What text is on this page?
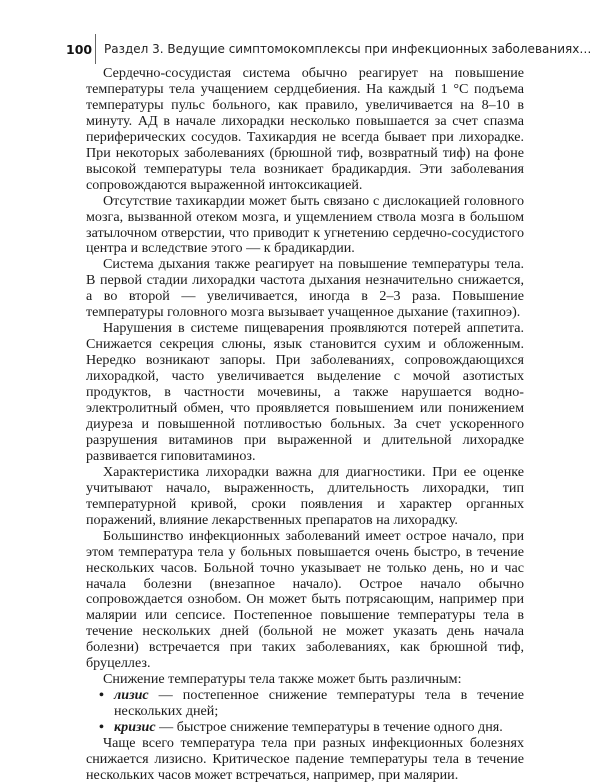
100 Раздел 3. Ведущие симптомокомплексы при инфекционных заболеваниях…

Сердечно-сосудистая система обычно реагирует на повышение температуры тела учащением сердцебиения. На каждый 1 °С подъема температуры пульс больного, как правило, увеличивается на 8–10 в минуту. АД в начале лихорадки несколько повышается за счет спазма периферических сосудов. Тахикардия не всегда бывает при лихорадке. При некоторых заболеваниях (брюшной тиф, возвратный тиф) на фоне высокой температуры тела возникает брадикардия. Эти заболевания сопровождаются выраженной интоксикацией.

Отсутствие тахикардии может быть связано с дислокацией головного мозга, вызванной отеком мозга, и ущемлением ствола мозга в большом затылочном отверстии, что приводит к угнетению сердечно-сосудистого центра и вследствие этого — к брадикардии.

Система дыхания также реагирует на повышение температуры тела. В первой стадии лихорадки частота дыхания незначительно снижается, а во второй — увеличивается, иногда в 2–3 раза. Повышение температуры головного мозга вызывает учащенное дыхание (тахипноэ).

Нарушения в системе пищеварения проявляются потерей аппетита. Снижается секреция слюны, язык становится сухим и обложенным. Нередко возникают запоры. При заболеваниях, сопровождающихся лихорадкой, часто увеличивается выделение с мочой азотистых продуктов, в частности мочевины, а также нарушается водно-электролитный обмен, что проявляется повышением или понижением диуреза и повышенной потливостью больных. За счет ускоренного разрушения витаминов при выраженной и длительной лихорадке развивается гиповитаминоз.

Характеристика лихорадки важна для диагностики. При ее оценке учитывают начало, выраженность, длительность лихорадки, тип температурной кривой, сроки появления и характер органных поражений, влияние лекарственных препаратов на лихорадку.

Большинство инфекционных заболеваний имеет острое начало, при этом температура тела у больных повышается очень быстро, в течение нескольких часов. Больной точно указывает не только день, но и час начала болезни (внезапное начало). Острое начало обычно сопровождается ознобом. Он может быть потрясающим, например при малярии или сепсисе. Постепенное повышение температуры тела в течение нескольких дней (больной не может указать день начала болезни) встречается при таких заболеваниях, как брюшной тиф, бруцеллез.

Снижение температуры тела также может быть различным:

• лизис — постепенное снижение температуры тела в течение нескольких дней;
• кризис — быстрое снижение температуры в течение одного дня.

Чаще всего температура тела при разных инфекционных болезнях снижается лизисно. Критическое падение температуры тела в течение нескольких часов может встречаться, например, при малярии.
